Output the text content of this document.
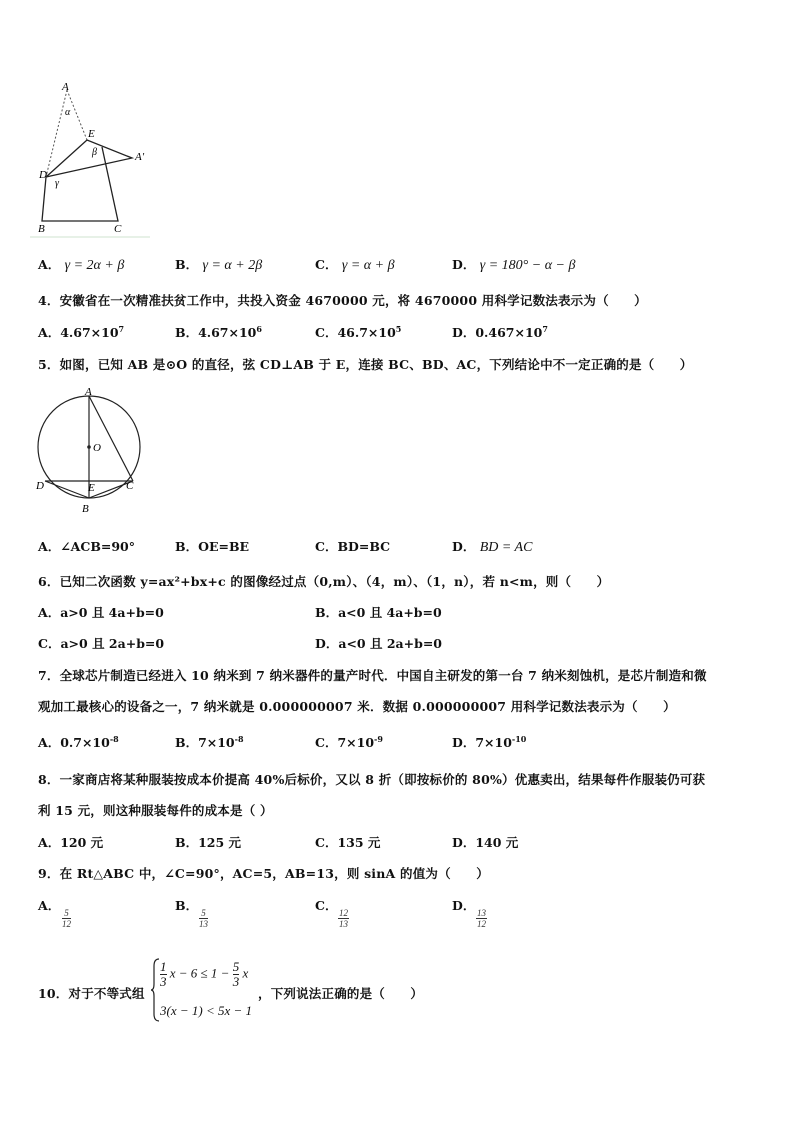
A
α
E
β	A′
D
γ
B	C
A． γ = 2α + β	B． γ = α + 2β	C． γ = α + β	D． γ = 180° − α − β
4．安徽省在一次精准扶贫工作中，共投入资金 4670000 元，将 4670000 用科学记数法表示为（　　）
A．$4.67\times 10^7$	B．$4.67\times 10^6$	C．$46.7\times 10^5$	D．$0.467\times 10^7$
5．如图，已知 AB 是⊙O 的直径，弦 CD⊥AB 于 E，连接 BC、BD、AC，下列结论中不一定正确的是（　　）
A
O
D	E	C
B
A．∠ACB=90°	B．OE=BE	C．BD=BC	D． BD = AC
6．已知二次函数 y=ax²+bx+c 的图像经过点（0,m）、（4，m）、（1，n），若 n<m，则（　　）
A．a>0 且 4a+b=0	B．a<0 且 4a+b=0
C．a>0 且 2a+b=0	D．a<0 且 2a+b=0
7．全球芯片制造已经进入 10 纳米到 7 纳米器件的量产时代．中国自主研发的第一台 7 纳米刻蚀机，是芯片制造和微
观加工最核心的设备之一，7 纳米就是 0.000000007 米．数据 0.000000007 用科学记数法表示为（　　）
A．$0.7\times 10^{-8}$	B．$7\times 10^{-8}$	C．$7\times 10^{-9}$	D．$7\times 10^{-10}$
8．一家商店将某种服装按成本价提高 40%后标价，又以 8 折（即按标价的 80%）优惠卖出，结果每件作服装仍可获
利 15 元，则这种服装每件的成本是（ ）
A．120 元	B．125 元	C．135 元	D．140 元
9．在 Rt△ABC 中，∠C=90°，AC=5，AB=13，则 sinA 的值为（　　）
A．
$\frac{5}{12}$
B．
$\frac{5}{13}$
C．
$\frac{12}{13}$
D．
$\frac{13}{12}$
10．对于不等式组
$\frac{1}{3}$ $x - 6 \le 1 - \frac{5}{3}$ x
3(x − 1) < 5x − 1
，下列说法正确的是（　　）
